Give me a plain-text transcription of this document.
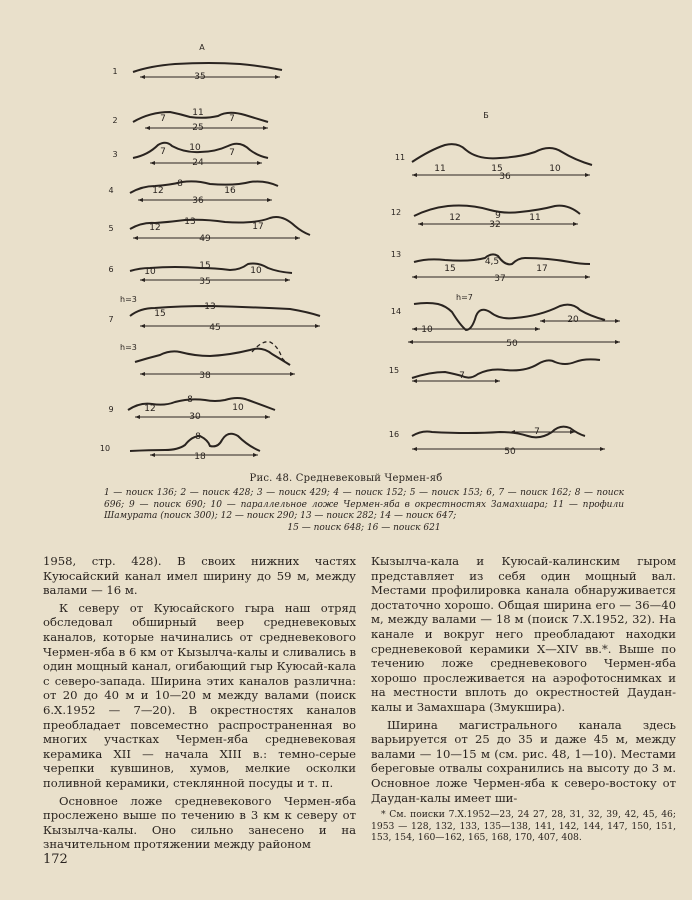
А
Б
1
35
2	7
11
7
25
3	7	10	7
24
4	12
8
16
36
5	12
13	17
49
6	10
15	10
35
7
h=3
15
13
45
h=3
38
9	12
8
10
30
10
8
18
11
11	15	10
36
12
12	9	11
32
13
15
4,5
17
37
14
h=7
10
20
50
15
7
16	7
50
Рис. 48. Средневековый Чермен-яб
1 — поиск 136; 2 — поиск 428; 3 — поиск 429; 4 — поиск 152; 5 — поиск 153; 6, 7 — поиск 162; 8 — поиск 696; 9 — поиск 690; 10 — параллельное ложе Чермен-яба в окрестностях Замахшара; 11 — профили Шамурата (поиск 300); 12 — поиск 290; 13 — поиск 282; 14 — поиск 647;
15 — поиск 648; 16 — поиск 621

1958, стр. 428). В своих нижних частях Куюсайский канал имел ширину до 59 м, между валами — 16 м.

К северу от Куюсайского гыра наш отряд обследовал обширный веер средневековых каналов, которые начинались от средневекового Чермен-яба в 6 км от Кызылча-калы и сливались в один мощный канал, огибающий гыр Куюсай-кала с северо-запада. Ширина этих каналов различна: от 20 до 40 м и 10—20 м между валами (поиск 6.X.1952 — 7—20). В окрестностях каналов преобладает повсеместно распространенная во многих участках Чермен-яба средневековая керамика XII — начала XIII в.: темно-серые черепки кувшинов, хумов, мелкие осколки поливной керамики, стеклянной посуды и т. п.

Основное ложе средневекового Чермен-яба прослежено выше по течению в 3 км к северу от Кызылча-калы. Оно сильно занесено и на значительном протяжении между районом

Кызылча-кала и Куюсай-калинским гыром представляет из себя один мощный вал. Местами профилировка канала обнаруживается достаточно хорошо. Общая ширина его — 36—40 м, между валами — 18 м (поиск 7.X.1952, 32). На канале и вокруг него преобладают находки средневековой керамики X—XIV вв.*. Выше по течению ложе средневекового Чермен-яба хорошо прослеживается на аэрофотоснимках и на местности вплоть до окрестностей Даудан-калы и Замахшара (Змукшира).

Ширина магистрального канала здесь варьируется от 25 до 35 и даже 45 м, между валами — 10—15 м (см. рис. 48, 1—10). Местами береговые отвалы сохранились на высоту до 3 м. Основное ложе Чермен-яба к северо-востоку от Даудан-калы имеет ши-

* См. поиски 7.X.1952—23, 24 27, 28, 31, 32, 39, 42, 45, 46; 1953 — 128, 132, 133, 135—138, 141, 142, 144, 147, 150, 151, 153, 154, 160—162, 165, 168, 170, 407, 408.

172
